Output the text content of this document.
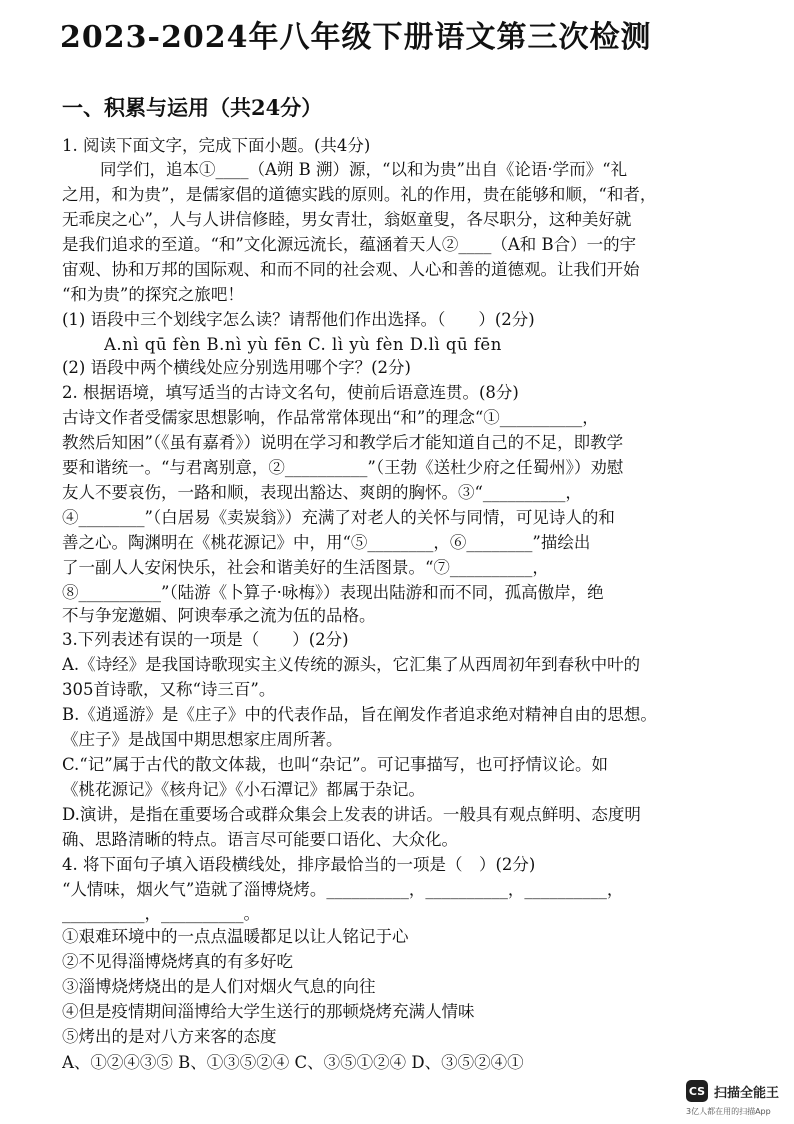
2023-2024年八年级下册语文第三次检测
一、积累与运用（共24分）
1. 阅读下面文字，完成下面小题。(共4分)
同学们，追本①____（A朔 B 溯）源，“以和为贵”出自《论语·学而》“礼
之用，和为贵”，是儒家倡的道德实践的原则。礼的作用，贵在能够和顺，“和者，
无乖戾之心”，人与人讲信修睦，男女青壮，翁妪童叟，各尽职分，这种美好就
是我们追求的至道。“和”文化源远流长，蕴涵着天人②____（A和 B合）一的宇
宙观、协和万邦的国际观、和而不同的社会观、人心和善的道德观。让我们开始
“和为贵”的探究之旅吧！
(1) 语段中三个划线字怎么读？请帮他们作出选择。（　　）(2分)
A.nì qū fèn B.nì yù fēn C. lì yù fèn D.lì qū fēn
(2) 语段中两个横线处应分别选用哪个字？(2分)
2. 根据语境，填写适当的古诗文名句，使前后语意连贯。(8分)
古诗文作者受儒家思想影响，作品常常体现出“和”的理念“①__________，
教然后知困”（《虽有嘉肴》）说明在学习和教学后才能知道自己的不足，即教学
要和谐统一。“与君离别意，②__________”（王勃《送杜少府之任蜀州》）劝慰
友人不要哀伤，一路和顺，表现出豁达、爽朗的胸怀。③“__________，
④________”（白居易《卖炭翁》）充满了对老人的关怀与同情，可见诗人的和
善之心。陶渊明在《桃花源记》中，用“⑤________，⑥________”描绘出
了一副人人安闲快乐，社会和谐美好的生活图景。“⑦__________，
⑧__________”（陆游《卜算子·咏梅》）表现出陆游和而不同，孤高傲岸，绝
不与争宠邀媚、阿谀奉承之流为伍的品格。
3.下列表述有误的一项是（　　）(2分)
A.《诗经》是我国诗歌现实主义传统的源头，它汇集了从西周初年到春秋中叶的
305首诗歌，又称“诗三百”。
B.《逍遥游》是《庄子》中的代表作品，旨在阐发作者追求绝对精神自由的思想。
《庄子》是战国中期思想家庄周所著。
C.“记”属于古代的散文体裁，也叫“杂记”。可记事描写，也可抒情议论。如
《桃花源记》《核舟记》《小石潭记》都属于杂记。
D.演讲，是指在重要场合或群众集会上发表的讲话。一般具有观点鲜明、态度明
确、思路清晰的特点。语言尽可能要口语化、大众化。
4. 将下面句子填入语段横线处，排序最恰当的一项是（　）(2分)
“人情味，烟火气”造就了淄博烧烤。__________，__________，__________，
__________，__________。
①艰难环境中的一点点温暖都足以让人铭记于心
②不见得淄博烧烤真的有多好吃
③淄博烧烤烧出的是人们对烟火气息的向往
④但是疫情期间淄博给大学生送行的那顿烧烤充满人情味
⑤烤出的是对八方来客的态度
A、①②④③⑤ B、①③⑤②④ C、③⑤①②④ D、③⑤②④①
CS 扫描全能王
3亿人都在用的扫描App
